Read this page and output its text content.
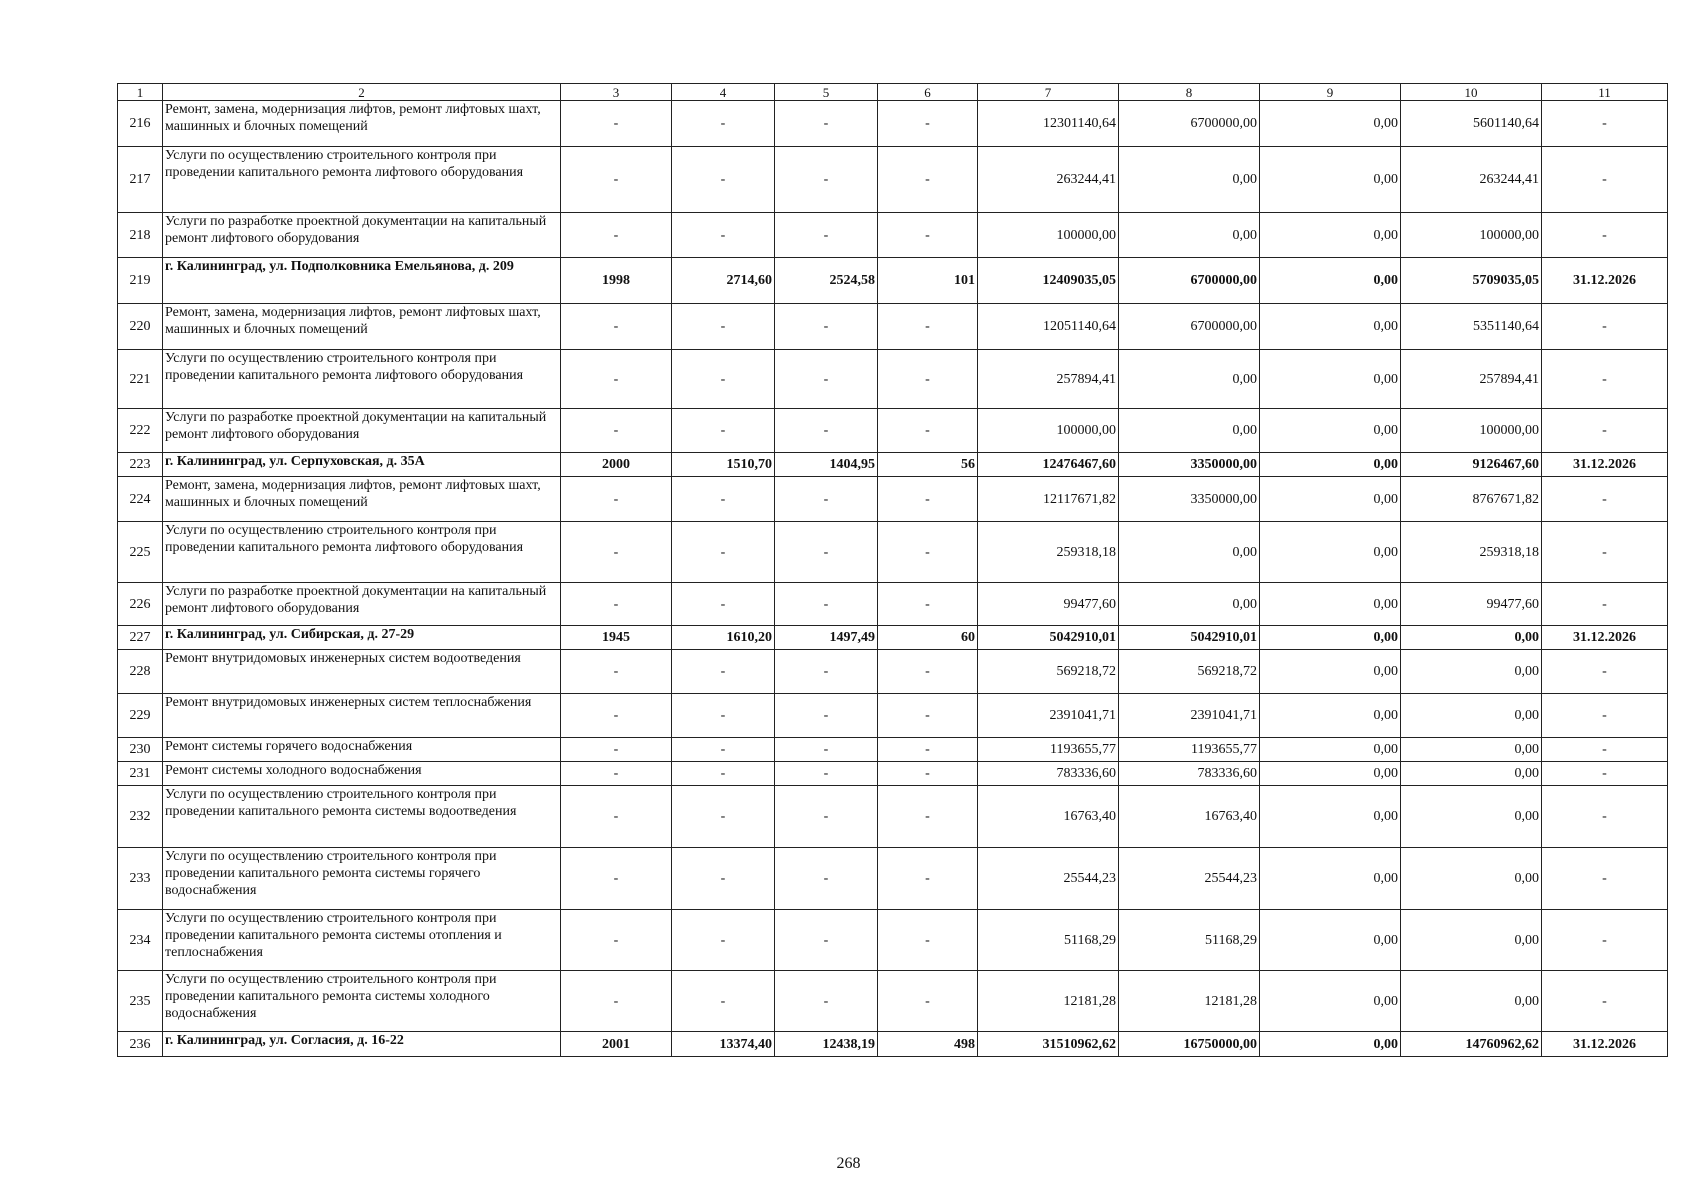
1	2	3	4	5	6	7	8	9	10	11
216	Ремонт, замена, модернизация лифтов, ремонт лифтовых шахт, машинных и блочных помещений	-	-	-	-	12301140,64	6700000,00	0,00	5601140,64	-
217	Услуги по осуществлению строительного контроля при проведении капитального ремонта лифтового оборудования	-	-	-	-	263244,41	0,00	0,00	263244,41	-
218	Услуги по разработке проектной документации на капитальный ремонт лифтового оборудования	-	-	-	-	100000,00	0,00	0,00	100000,00	-
219	г. Калининград, ул. Подполковника Емельянова, д. 209	1998	2714,60	2524,58	101	12409035,05	6700000,00	0,00	5709035,05	31.12.2026
220	Ремонт, замена, модернизация лифтов, ремонт лифтовых шахт, машинных и блочных помещений	-	-	-	-	12051140,64	6700000,00	0,00	5351140,64	-
221	Услуги по осуществлению строительного контроля при проведении капитального ремонта лифтового оборудования	-	-	-	-	257894,41	0,00	0,00	257894,41	-
222	Услуги по разработке проектной документации на капитальный ремонт лифтового оборудования	-	-	-	-	100000,00	0,00	0,00	100000,00	-
223	г. Калининград, ул. Серпуховская, д. 35А	2000	1510,70	1404,95	56	12476467,60	3350000,00	0,00	9126467,60	31.12.2026
224	Ремонт, замена, модернизация лифтов, ремонт лифтовых шахт, машинных и блочных помещений	-	-	-	-	12117671,82	3350000,00	0,00	8767671,82	-
225	Услуги по осуществлению строительного контроля при проведении капитального ремонта лифтового оборудования	-	-	-	-	259318,18	0,00	0,00	259318,18	-
226	Услуги по разработке проектной документации на капитальный ремонт лифтового оборудования	-	-	-	-	99477,60	0,00	0,00	99477,60	-
227	г. Калининград, ул. Сибирская, д. 27-29	1945	1610,20	1497,49	60	5042910,01	5042910,01	0,00	0,00	31.12.2026
228	Ремонт внутридомовых инженерных систем водоотведения	-	-	-	-	569218,72	569218,72	0,00	0,00	-
229	Ремонт внутридомовых инженерных систем теплоснабжения	-	-	-	-	2391041,71	2391041,71	0,00	0,00	-
230	Ремонт системы горячего водоснабжения	-	-	-	-	1193655,77	1193655,77	0,00	0,00	-
231	Ремонт системы холодного водоснабжения	-	-	-	-	783336,60	783336,60	0,00	0,00	-
232	Услуги по осуществлению строительного контроля при проведении капитального ремонта системы водоотведения	-	-	-	-	16763,40	16763,40	0,00	0,00	-
233	Услуги по осуществлению строительного контроля при проведении капитального ремонта системы горячего водоснабжения	-	-	-	-	25544,23	25544,23	0,00	0,00	-
234	Услуги по осуществлению строительного контроля при проведении капитального ремонта системы отопления и теплоснабжения	-	-	-	-	51168,29	51168,29	0,00	0,00	-
235	Услуги по осуществлению строительного контроля при проведении капитального ремонта системы холодного водоснабжения	-	-	-	-	12181,28	12181,28	0,00	0,00	-
236	г. Калининград, ул. Согласия, д. 16-22	2001	13374,40	12438,19	498	31510962,62	16750000,00	0,00	14760962,62	31.12.2026
268
